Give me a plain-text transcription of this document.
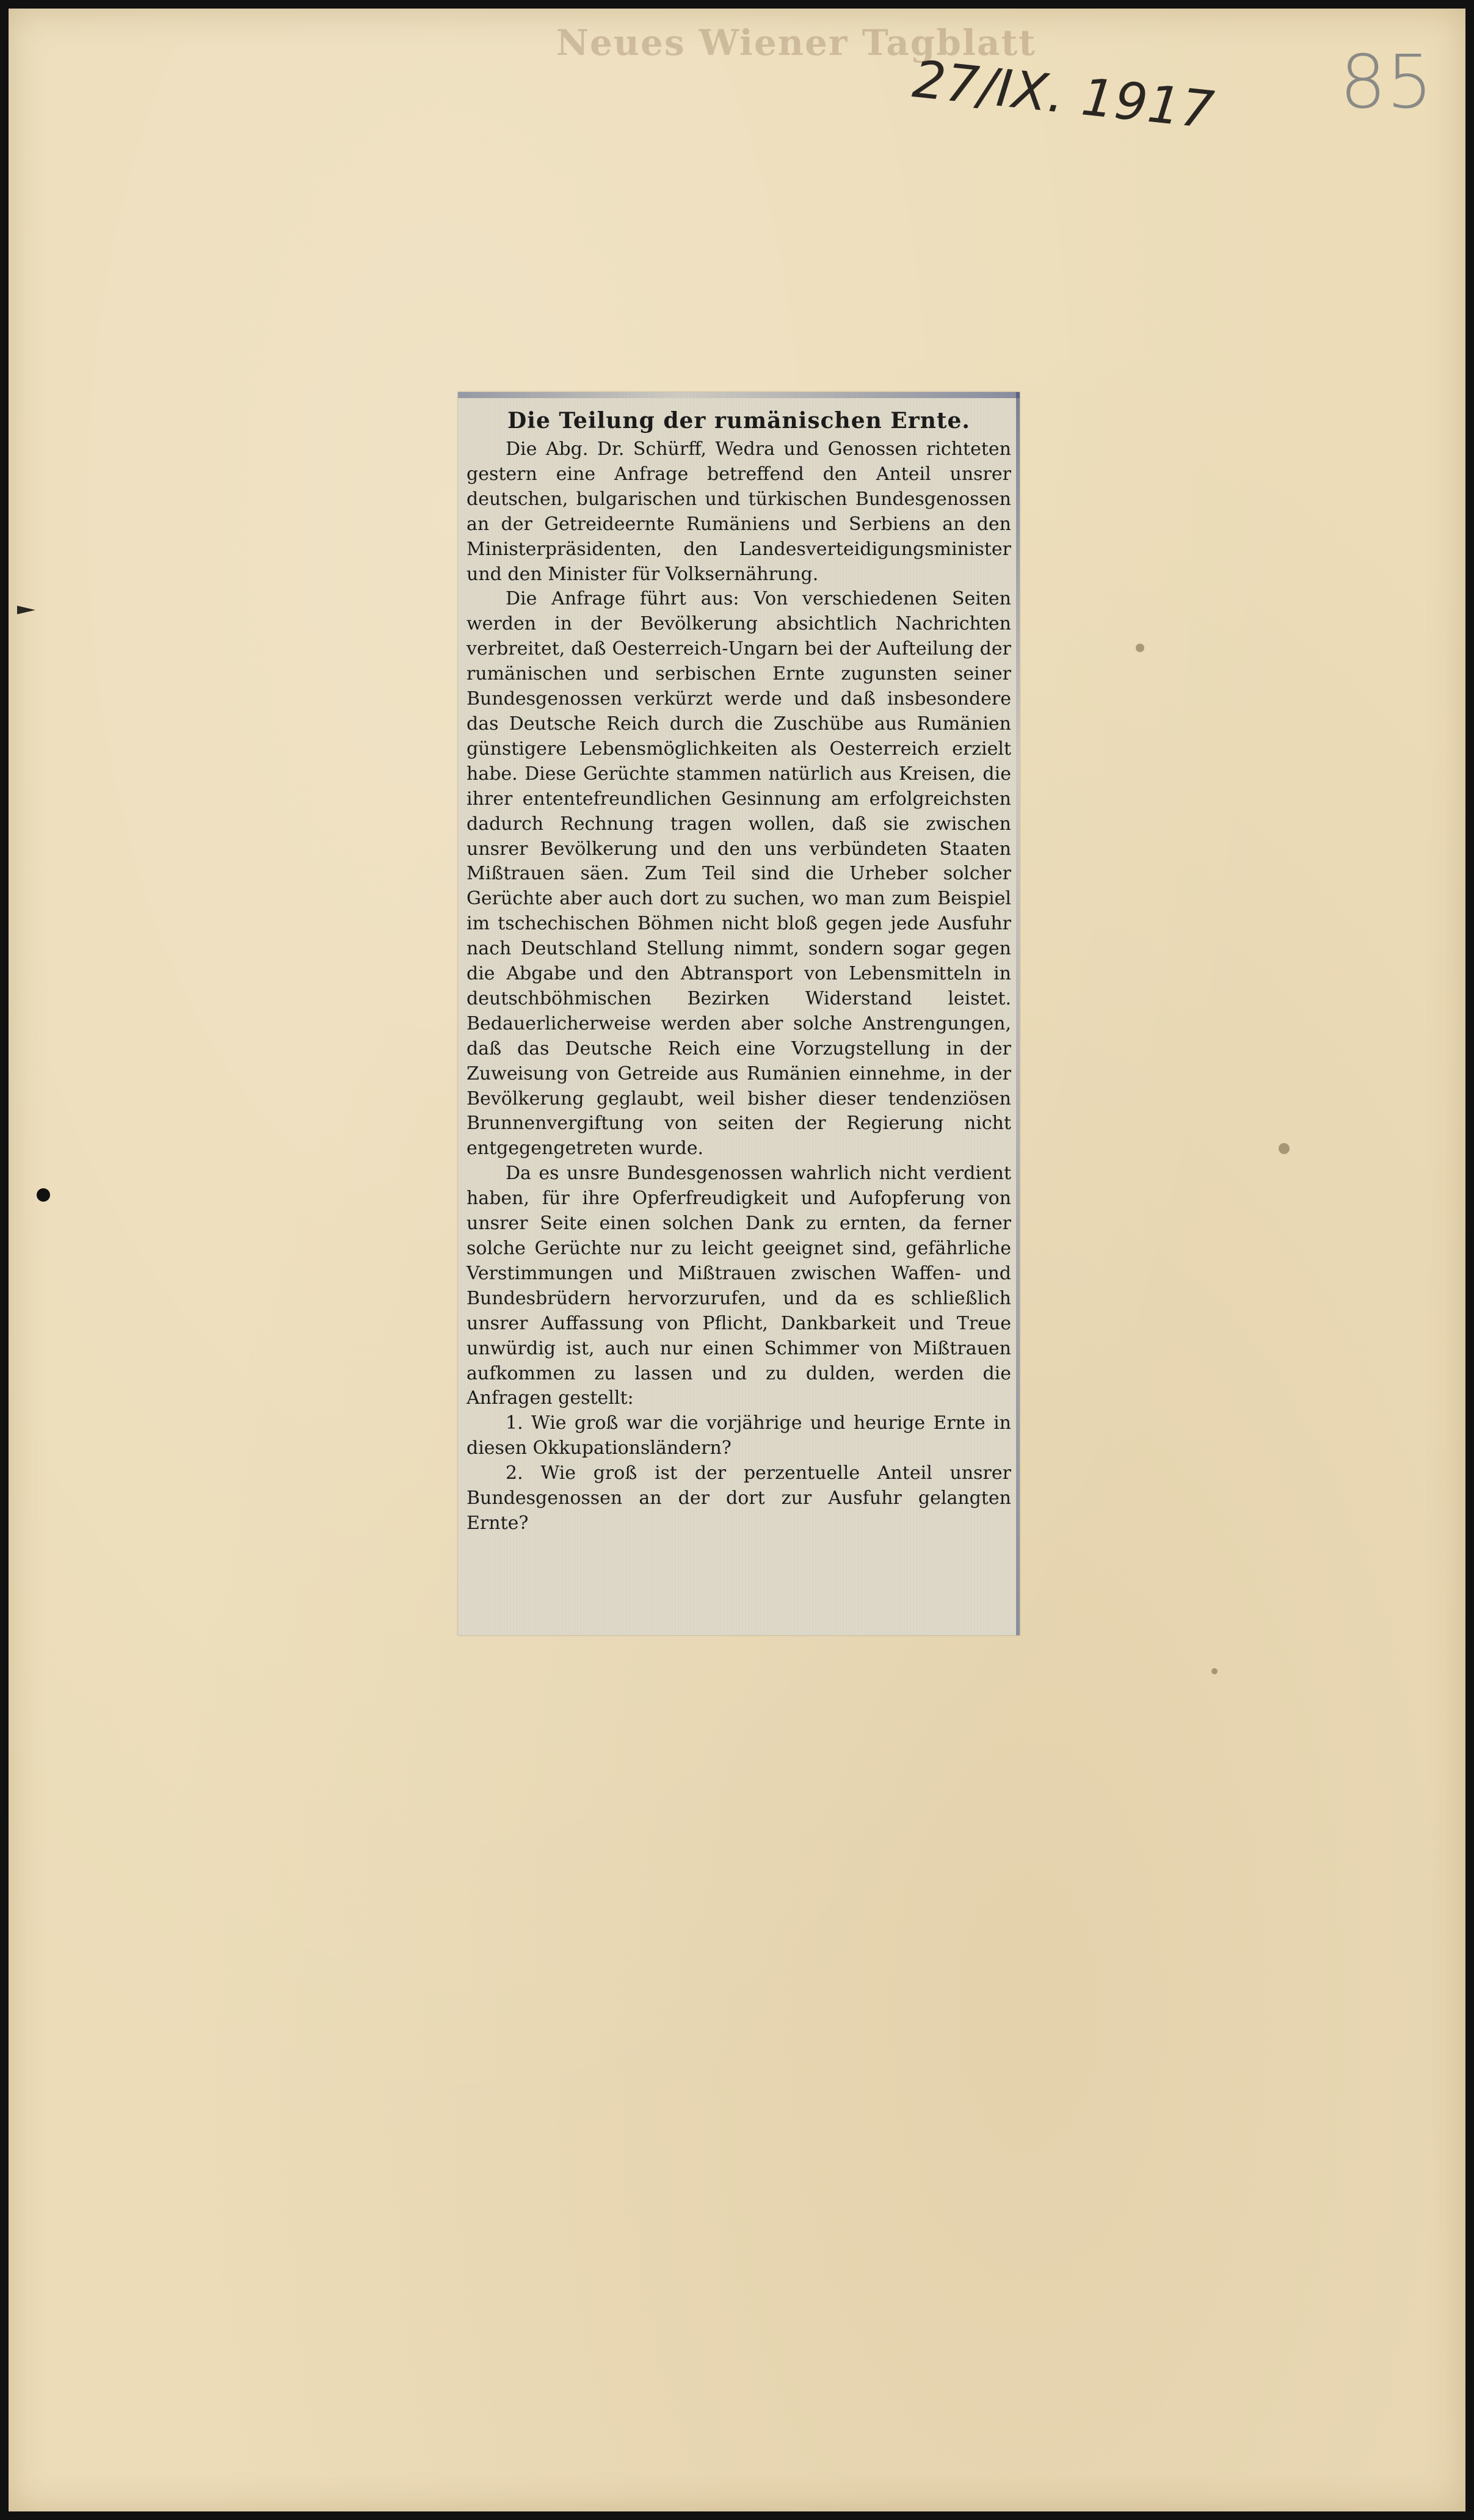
Neues Wiener Tagblatt
27/IX. 1917 85
Die Teilung der rumänischen Ernte.

Die Abg. Dr. Schürff, Wedra und Genossen richteten gestern eine Anfrage betreffend den Anteil unsrer deutschen, bulgarischen und türkischen Bundesgenossen an der Getreideernte Rumäniens und Serbiens an den Ministerpräsidenten, den Landesverteidigungsminister und den Minister für Volksernährung.

Die Anfrage führt aus: Von verschiedenen Seiten werden in der Bevölkerung absichtlich Nachrichten verbreitet, daß Oesterreich-Ungarn bei der Aufteilung der rumänischen und serbischen Ernte zugunsten seiner Bundesgenossen verkürzt werde und daß insbesondere das Deutsche Reich durch die Zuschübe aus Rumänien günstigere Lebensmöglichkeiten als Oesterreich erzielt habe. Diese Gerüchte stammen natürlich aus Kreisen, die ihrer ententefreundlichen Gesinnung am erfolgreichsten dadurch Rechnung tragen wollen, daß sie zwischen unsrer Bevölkerung und den uns verbündeten Staaten Mißtrauen säen. Zum Teil sind die Urheber solcher Gerüchte aber auch dort zu suchen, wo man zum Beispiel im tschechischen Böhmen nicht bloß gegen jede Ausfuhr nach Deutschland Stellung nimmt, sondern sogar gegen die Abgabe und den Abtransport von Lebensmitteln in deutschböhmischen Bezirken Widerstand leistet. Bedauerlicherweise werden aber solche Anstrengungen, daß das Deutsche Reich eine Vorzugstellung in der Zuweisung von Getreide aus Rumänien einnehme, in der Bevölkerung geglaubt, weil bisher dieser tendenziösen Brunnenvergiftung von seiten der Regierung nicht entgegengetreten wurde.

Da es unsre Bundesgenossen wahrlich nicht verdient haben, für ihre Opferfreudigkeit und Aufopferung von unsrer Seite einen solchen Dank zu ernten, da ferner solche Gerüchte nur zu leicht geeignet sind, gefährliche Verstimmungen und Mißtrauen zwischen Waffen- und Bundesbrüdern hervorzurufen, und da es schließlich unsrer Auffassung von Pflicht, Dankbarkeit und Treue unwürdig ist, auch nur einen Schimmer von Mißtrauen aufkommen zu lassen und zu dulden, werden die Anfragen gestellt:

1. Wie groß war die vorjährige und heurige Ernte in diesen Okkupationsländern?

2. Wie groß ist der perzentuelle Anteil unsrer Bundesgenossen an der dort zur Ausfuhr gelangten Ernte?
